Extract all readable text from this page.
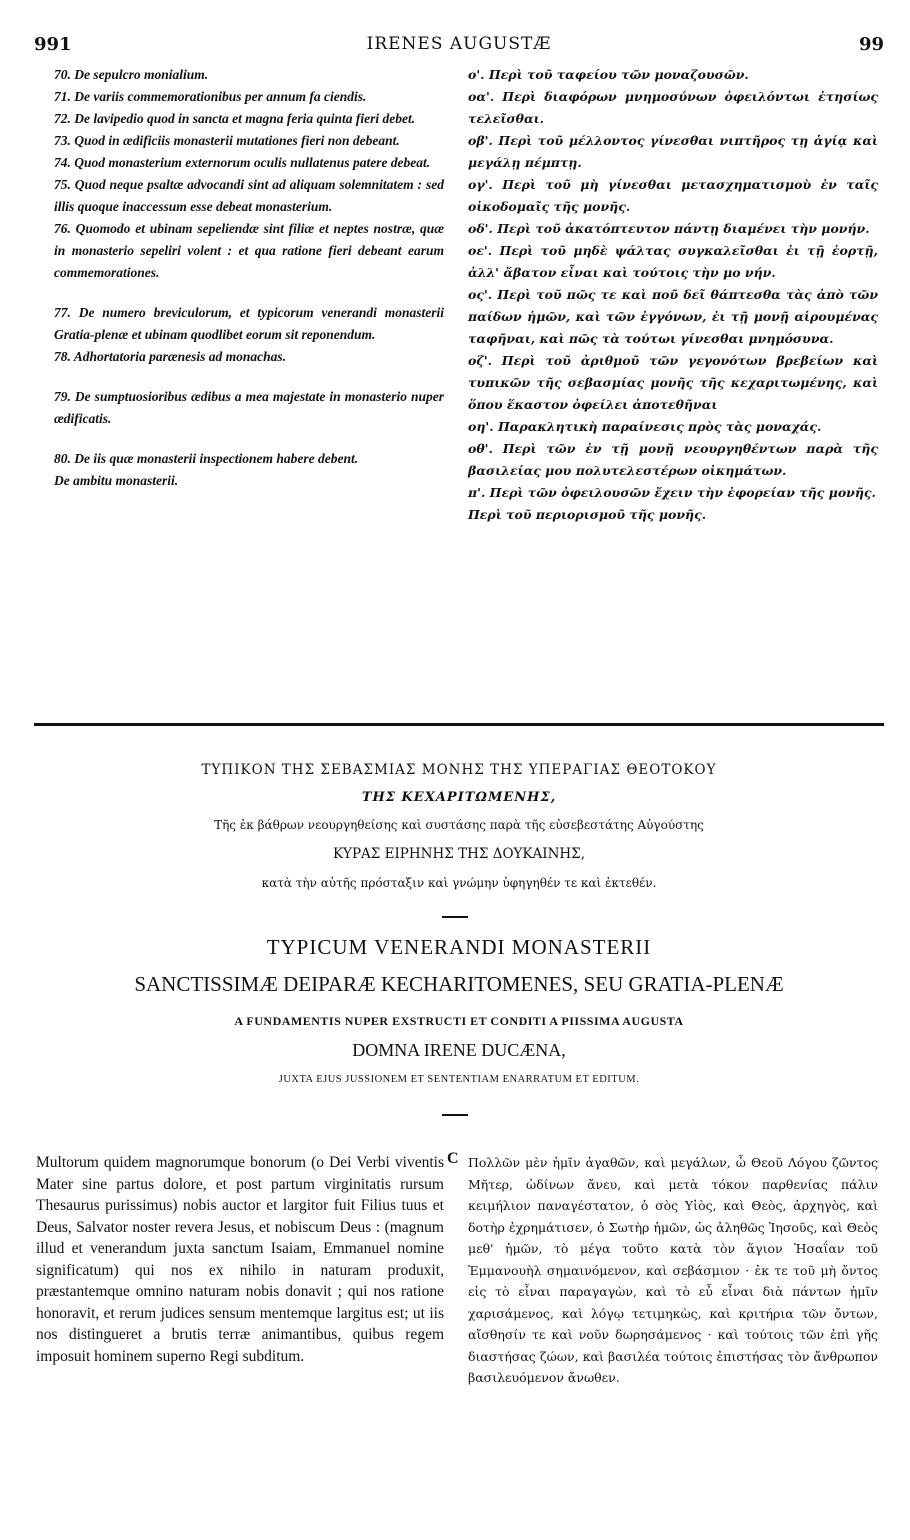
991	IRENES AUGUSTÆ	99

70. De sepulcro monialium.

71. De variis commemorationibus per annum fa ciendis.

72. De lavipedio quod in sancta et magna feria quinta fieri debet.

73. Quod in ædificiis monasterii mutationes fieri non debeant.

74. Quod monasterium externorum oculis nullatenus patere debeat.

75. Quod neque psaltæ advocandi sint ad aliquam solemnitatem : sed illis quoque inaccessum esse debeat monasterium.

76. Quomodo et ubinam sepeliendæ sint filiæ et neptes nostræ, quæ in monasterio sepeliri volent : et qua ratione fieri debeant earum commemorationes.

77. De numero breviculorum, et typicorum venerandi monasterii Gratia-plenæ et ubinam quodlibet eorum sit reponendum.

78. Adhortatoria parænesis ad monachas.

79. De sumptuosioribus ædibus a mea majestate in monasterio nuper ædificatis.

80. De iis quæ monasterii inspectionem habere debent.

De ambitu monasterii.

ο'. Περὶ τοῦ ταφείου τῶν μοναζουσῶν.

οα'. Περὶ διαφόρων μνημοσύνων ὀφειλόντωι ἐτησίως τελεῖσθαι.

οβ'. Περὶ τοῦ μέλλοντος γίνεσθαι νιπτῆρος τῃ ἁγίᾳ καὶ μεγάλῃ πέμπτῃ.

ογ'. Περὶ τοῦ μὴ γίνεσθαι μετασχηματισμοὺ ἐν ταῖς οἰκοδομαῖς τῆς μονῆς.

οδ'. Περὶ τοῦ ἀκατόπτευτον πάντῃ διαμένει τὴν μονήν.

οε'. Περὶ τοῦ μηδὲ ψάλτας συγκαλεῖσθαι ἐι τῇ ἑορτῇ, ἀλλ' ἄβατον εἶναι καὶ τούτοις τὴν μο νήν.

ος'. Περὶ τοῦ πῶς τε καὶ ποῦ δεῖ θάπτεσθα τὰς ἀπὸ τῶν παίδων ἡμῶν, καὶ τῶν ἐγγόνων, ἐι τῇ μονῇ αἱρουμένας ταφῆναι, καὶ πῶς τὰ τούτωι γίνεσθαι μνημόσυνα.

οζ'. Περὶ τοῦ ἀριθμοῦ τῶν γεγονότων βρεβείων καὶ τυπικῶν τῆς σεβασμίας μονῆς τῆς κεχαριτωμένης, καὶ ὅπου ἕκαστον ὀφείλει ἀποτεθῆναι

οη'. Παρακλητικὴ παραίνεσις πρὸς τὰς μοναχάς.

οθ'. Περὶ τῶν ἐν τῇ μονῇ νεουργηθέντων παρὰ τῆς βασιλείας μου πολυτελεστέρων οἰκημάτων.

π'. Περὶ τῶν ὀφειλουσῶν ἔχειν τὴν ἐφορείαν τῆς μονῆς.

Περὶ τοῦ περιορισμοῦ τῆς μονῆς.

ΤΥΠΙΚΟΝ ΤΗΣ ΣΕΒΑΣΜΙΑΣ ΜΟΝΗΣ ΤΗΣ ΥΠΕΡΑΓΙΑΣ ΘΕΟΤΟΚΟΥ
ΤΗΣ ΚΕΧΑΡΙΤΩΜΕΝΗΣ,
Τῆς ἐκ βάθρων νεουργηθείσης καὶ συστάσης παρὰ τῆς εὐσεβεστάτης Αὐγούστης
ΚΥΡΑΣ ΕΙΡΗΝΗΣ ΤΗΣ ΔΟΥΚΑΙΝΗΣ,
κατὰ τὴν αὐτῆς πρόσταξιν καὶ γνώμην ὑφηγηθέν τε καὶ ἐκτεθέν.
TYPICUM VENERANDI MONASTERII
SANCTISSIMÆ DEIPARÆ KECHARITOMENES, SEU GRATIA-PLENÆ
A FUNDAMENTIS NUPER EXSTRUCTI ET CONDITI A PIISSIMA AUGUSTA
DOMNA IRENE DUCÆNA,
JUXTA EJUS JUSSIONEM ET SENTENTIAM ENARRATUM ET EDITUM.
Multorum quidem magnorumque bonorum (o Dei Verbi viventis Mater sine partus dolore, et post partum virginitatis rursum Thesaurus purissimus) nobis auctor et largitor fuit Filius tuus et Deus, Salvator noster revera Jesus, et nobiscum Deus : (magnum illud et venerandum juxta sanctum Isaiam, Emmanuel nomine significatum) qui nos ex nihilo in naturam produxit, præstantemque omnino naturam nobis donavit ; qui nos ratione honoravit, et rerum judices sensum mentemque largitus est; ut iis nos distingueret a brutis terræ animantibus, quibus regem imposuit hominem superno Regi subditum.
C Πολλῶν μὲν ἡμῖν ἀγαθῶν, καὶ μεγάλων, ὦ Θεοῦ Λόγου ζῶντος Μῆτερ, ὠδίνων ἄνευ, καὶ μετὰ τόκον παρθενίας πάλιν κειμήλιον παναγέστατον, ὁ σὸς Υἱὸς, καὶ Θεὸς, ἀρχηγὸς, καὶ δοτὴρ ἐχρημάτισεν, ὁ Σωτὴρ ἡμῶν, ὡς ἀληθῶς Ἰησοῦς, καὶ Θεὸς μεθ' ἡμῶν, τὸ μέγα τοῦτο κατὰ τὸν ἅγιον Ἡσαΐαν τοῦ Ἐμμανουὴλ σημαινόμενον, καὶ σεβάσμιον · ἐκ τε τοῦ μὴ ὄντος εἰς τὸ εἶναι παραγαγὼν, καὶ τὸ εὖ εἶναι διὰ πάντων ἡμῖν χαρισάμενος, καὶ λόγῳ τετιμηκὼς, καὶ κριτήρια τῶν ὄντων, αἴσθησίν τε καὶ νοῦν δωρησάμενος · καὶ τούτοις τῶν ἐπὶ γῆς διαστήσας ζώων, καὶ βασιλέα τούτοις ἐπιστήσας τὸν ἄνθρωπον βασιλευόμενον ἄνωθεν.
